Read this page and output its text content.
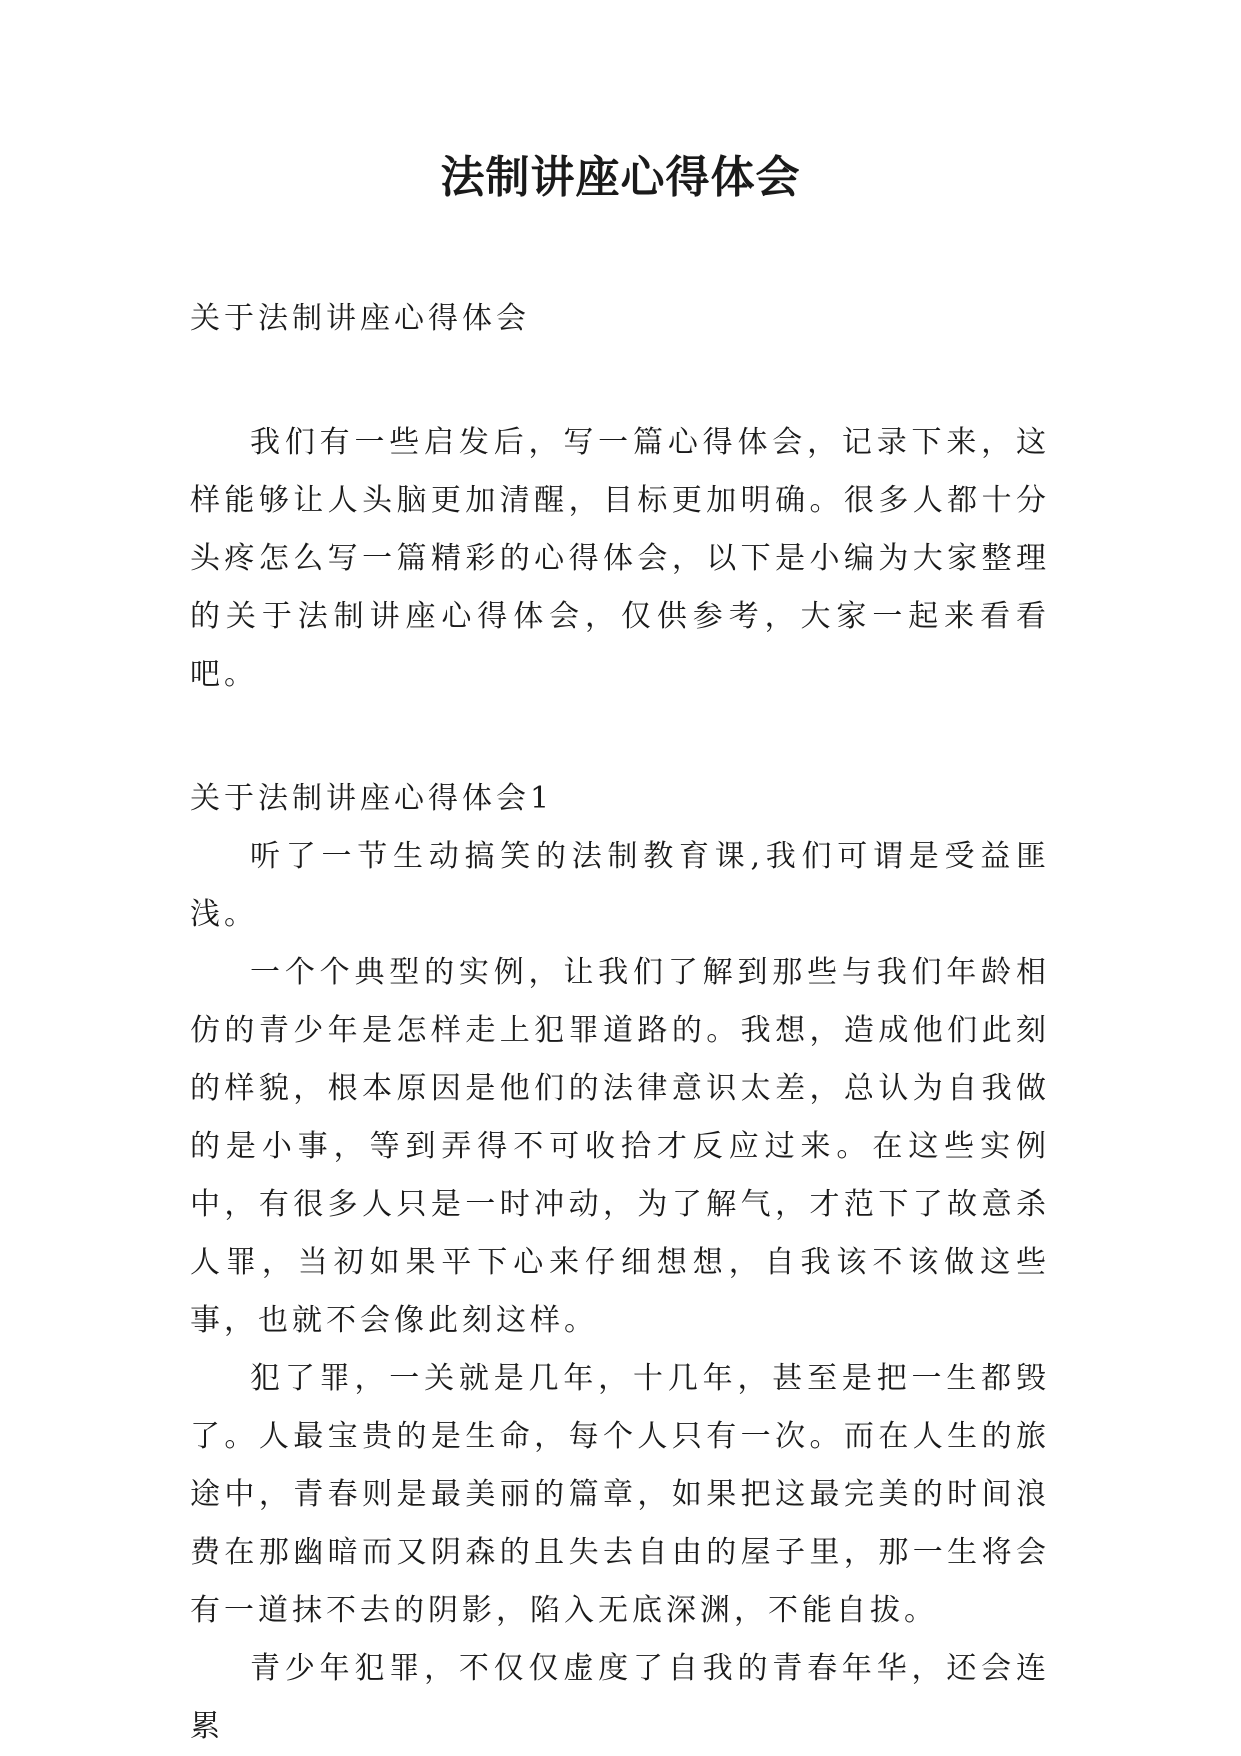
法制讲座心得体会

关于法制讲座心得体会

我们有一些启发后，写一篇心得体会，记录下来，这样能够让人头脑更加清醒，目标更加明确。很多人都十分头疼怎么写一篇精彩的心得体会，以下是小编为大家整理的关于法制讲座心得体会，仅供参考，大家一起来看看吧。

关于法制讲座心得体会1

听了一节生动搞笑的法制教育课,我们可谓是受益匪浅。

一个个典型的实例，让我们了解到那些与我们年龄相仿的青少年是怎样走上犯罪道路的。我想，造成他们此刻的样貌，根本原因是他们的法律意识太差，总认为自我做的是小事，等到弄得不可收拾才反应过来。在这些实例中，有很多人只是一时冲动，为了解气，才范下了故意杀人罪，当初如果平下心来仔细想想，自我该不该做这些事，也就不会像此刻这样。

犯了罪，一关就是几年，十几年，甚至是把一生都毁了。人最宝贵的是生命，每个人只有一次。而在人生的旅途中，青春则是最美丽的篇章，如果把这最完美的时间浪费在那幽暗而又阴森的且失去自由的屋子里，那一生将会有一道抹不去的阴影，陷入无底深渊，不能自拔。

青少年犯罪，不仅仅虚度了自我的青春年华，还会连累
